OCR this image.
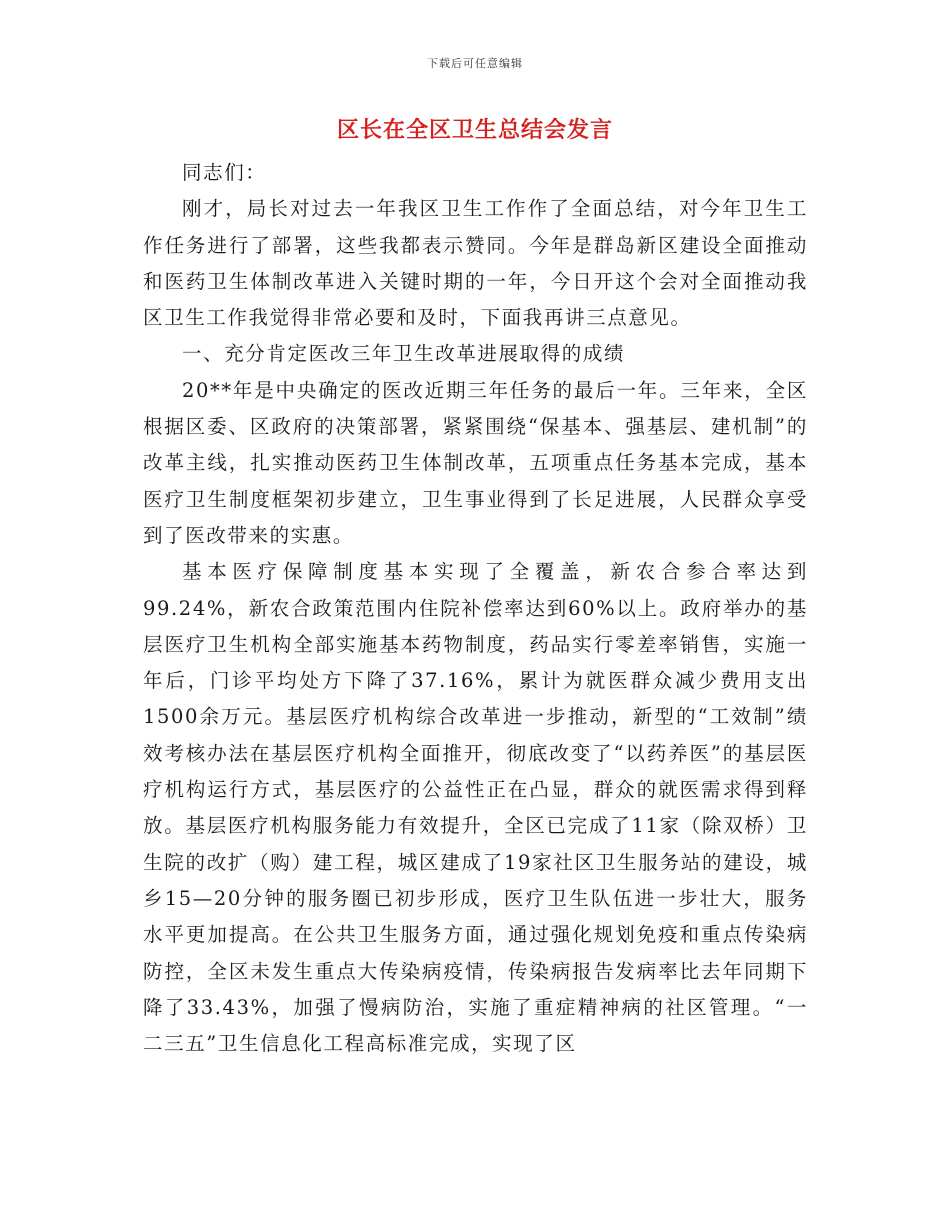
下载后可任意编辑
区长在全区卫生总结会发言

同志们：

刚才，局长对过去一年我区卫生工作作了全面总结，对今年卫生工作任务进行了部署，这些我都表示赞同。今年是群岛新区建设全面推动和医药卫生体制改革进入关键时期的一年，今日开这个会对全面推动我区卫生工作我觉得非常必要和及时，下面我再讲三点意见。

一、充分肯定医改三年卫生改革进展取得的成绩

20**年是中央确定的医改近期三年任务的最后一年。三年来，全区根据区委、区政府的决策部署，紧紧围绕“保基本、强基层、建机制”的改革主线，扎实推动医药卫生体制改革，五项重点任务基本完成，基本医疗卫生制度框架初步建立，卫生事业得到了长足进展，人民群众享受到了医改带来的实惠。

基本医疗保障制度基本实现了全覆盖，新农合参合率达到99.24%，新农合政策范围内住院补偿率达到60%以上。政府举办的基层医疗卫生机构全部实施基本药物制度，药品实行零差率销售，实施一年后，门诊平均处方下降了37.16%，累计为就医群众减少费用支出1500余万元。基层医疗机构综合改革进一步推动，新型的“工效制”绩效考核办法在基层医疗机构全面推开，彻底改变了“以药养医”的基层医疗机构运行方式，基层医疗的公益性正在凸显，群众的就医需求得到释放。基层医疗机构服务能力有效提升，全区已完成了11家（除双桥）卫生院的改扩（购）建工程，城区建成了19家社区卫生服务站的建设，城乡15—20分钟的服务圈已初步形成，医疗卫生队伍进一步壮大，服务水平更加提高。在公共卫生服务方面，通过强化规划免疫和重点传染病防控，全区未发生重点大传染病疫情，传染病报告发病率比去年同期下降了33.43%，加强了慢病防治，实施了重症精神病的社区管理。“一二三五”卫生信息化工程高标准完成，实现了区
